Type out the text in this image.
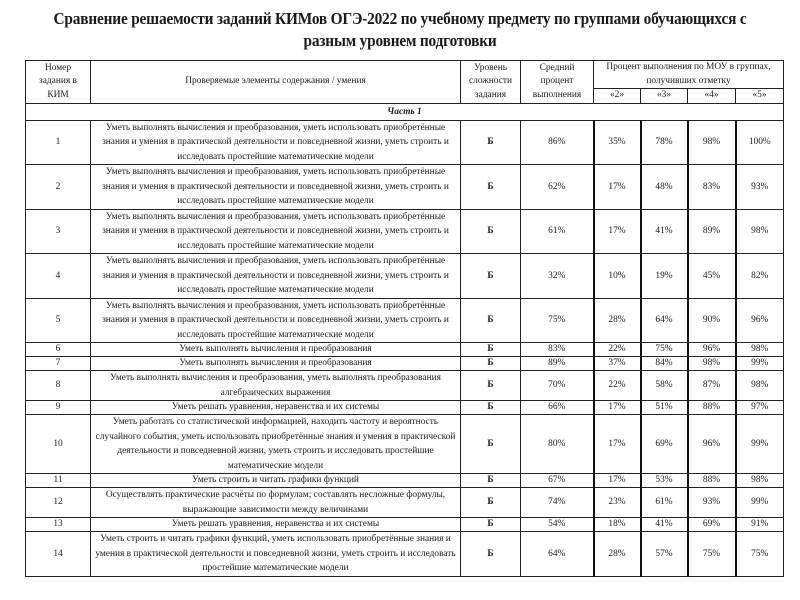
Сравнение решаемости заданий КИМов ОГЭ-2022 по учебному предмету по группами обучающихся с разным уровнем подготовки
Номер задания в КИМ	Проверяемые элементы содержания / умения	Уровень сложности задания	Средний процент выполнения	Процент выполнения по МОУ в группах, получивших отметку			
				«2»	«3»	«4»	«5»
Часть 1							
1	Уметь выполнять вычисления и преобразования, уметь использовать приобретённые знания и умения в практической деятельности и повседневной жизни, уметь строить и исследовать простейшие математические модели	Б	86%	35%	78%	98%	100%
2	Уметь выполнять вычисления и преобразования, уметь использовать приобретённые знания и умения в практической деятельности и повседневной жизни, уметь строить и исследовать простейшие математические модели	Б	62%	17%	48%	83%	93%
3	Уметь выполнять вычисления и преобразования, уметь использовать приобретённые знания и умения в практической деятельности и повседневной жизни, уметь строить и исследовать простейшие математические модели	Б	61%	17%	41%	89%	98%
4	Уметь выполнять вычисления и преобразования, уметь использовать приобретённые знания и умения в практической деятельности и повседневной жизни, уметь строить и исследовать простейшие математические модели	Б	32%	10%	19%	45%	82%
5	Уметь выполнять вычисления и преобразования, уметь использовать приобретённые знания и умения в практической деятельности и повседневной жизни, уметь строить и исследовать простейшие математические модели	Б	75%	28%	64%	90%	96%
6	Уметь выполнять вычисления и преобразования	Б	83%	22%	75%	96%	98%
7	Уметь выполнять вычисления и преобразования	Б	89%	37%	84%	98%	99%
8	Уметь выполнять вычисления и преобразования, уметь выполнять преобразования алгебраических выражения	Б	70%	22%	58%	87%	98%
9	Уметь решать уравнения, неравенства и их системы	Б	66%	17%	51%	88%	97%
10	Уметь работать со статистической информацией, находить частоту и вероятность случайного события, уметь использовать приобретённые знания и умения в практической деятельности и повседневной жизни, уметь строить и исследовать простейшие математические модели	Б	80%	17%	69%	96%	99%
11	Уметь строить и читать графики функций	Б	67%	17%	53%	88%	98%
12	Осуществлять практические расчёты по формулам; составлять несложные формулы, выражающие зависимости между величинами	Б	74%	23%	61%	93%	99%
13	Уметь решать уравнения, неравенства и их системы	Б	54%	18%	41%	69%	91%
14	Уметь строить и читать графики функций, уметь использовать приобретённые знания и умения в практической деятельности и повседневной жизни, уметь строить и исследовать простейшие математические модели	Б	64%	28%	57%	75%	75%
